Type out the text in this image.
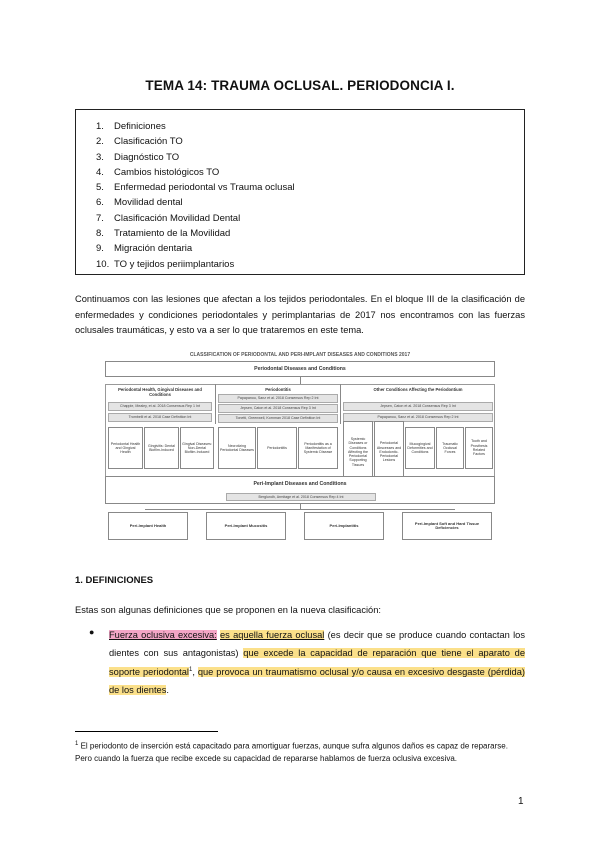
TEMA 14: TRAUMA OCLUSAL. PERIODONCIA I.
1. Definiciones
2. Clasificación TO
3. Diagnóstico TO
4. Cambios histológicos TO
5. Enfermedad periodontal vs Trauma oclusal
6. Movilidad dental
7. Clasificación Movilidad Dental
8. Tratamiento de la Movilidad
9. Migración dentaria
10. TO y tejidos periimplantarios

Continuamos con las lesiones que afectan a los tejidos periodontales. En el bloque III de la clasificación de enfermedades y condiciones periodontales y perimplantarias de 2017 nos encontramos con las fuerzas oclusales traumáticas, y esto va a ser lo que trataremos en este tema.

CLASSIFICATION OF PERIODONTAL AND PERI-IMPLANT DISEASES AND CONDITIONS 2017
Periodontal Diseases and Conditions
Periodontal Health, Gingival Diseases and Conditions
Chapple, Mealey, et al. 2018 Consensus Rep 1 Int
Trombelli et al. 2018 Case Definition Int
Periodontitis
Papapanou, Sanz et al. 2018 Consensus Rep 2 Int
Jepsen, Caton et al. 2018 Consensus Rep 3 Int
Tonetti, Greenwell, Kornman 2018 Case Definition Int
Other Conditions Affecting the Periodontium
Jepsen, Caton et al. 2018 Consensus Rep 3 Int
Papapanou, Sanz et al. 2018 Consensus Rep 2 Int
Periodontal Health and Gingival Health
Gingivitis: Dental Biofilm-Induced
Gingival Diseases: Non-Dental Biofilm-Induced
Necrotizing Periodontal Diseases
Periodontitis
Periodontitis as a Manifestation of Systemic Disease
Systemic Diseases or Conditions Affecting the Periodontal Supporting Tissues
Periodontal Abscesses and Endodontic-Periodontal Lesions
Mucogingival Deformities and Conditions
Traumatic Occlusal Forces
Tooth and Prosthesis Related Factors
Peri-Implant Diseases and Conditions
Berglundh, Armitage et al. 2018 Consensus Rep 4 Int
Peri-Implant Health	Peri-Implant Mucositis	Peri-Implantitis	Peri-Implant Soft and Hard Tissue Deficiencies
1. DEFINICIONES

Estas son algunas definiciones que se proponen en la nueva clasificación:

● Fuerza oclusiva excesiva: es aquella fuerza oclusal (es decir que se produce cuando contactan los dientes con sus antagonistas) que excede la capacidad de reparación que tiene el aparato de soporte periodontal$^1$, que provoca un traumatismo oclusal y/o causa en excesivo desgaste (pérdida) de los dientes.

$^1$ El periodonto de inserción está capacitado para amortiguar fuerzas, aunque sufra algunos daños es capaz de repararse. Pero cuando la fuerza que recibe excede su capacidad de repararse hablamos de fuerza oclusiva excesiva.

1
